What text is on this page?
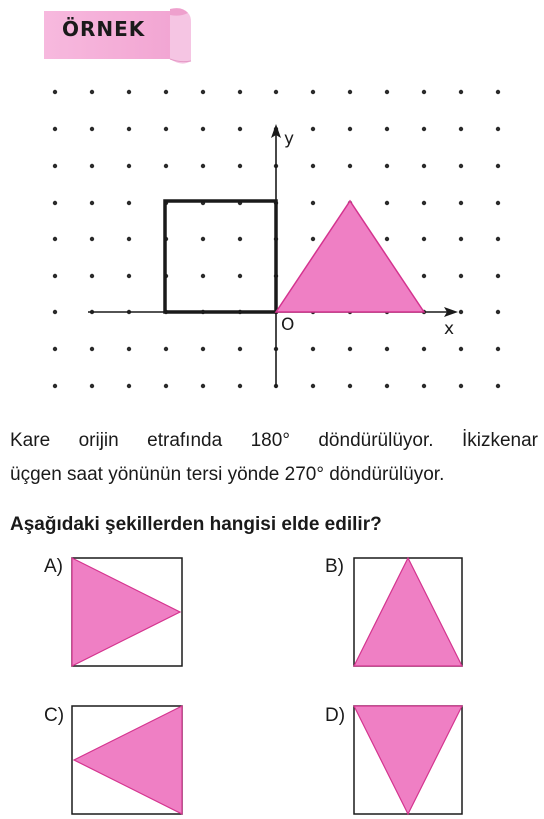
ÖRNEK
y
x
O
Kare orijin etrafında 180° döndürülüyor. İkizkenar
üçgen saat yönünün tersi yönde 270° döndürülüyor.
Aşağıdaki şekillerden hangisi elde edilir?
A)	B)
C)	D)
